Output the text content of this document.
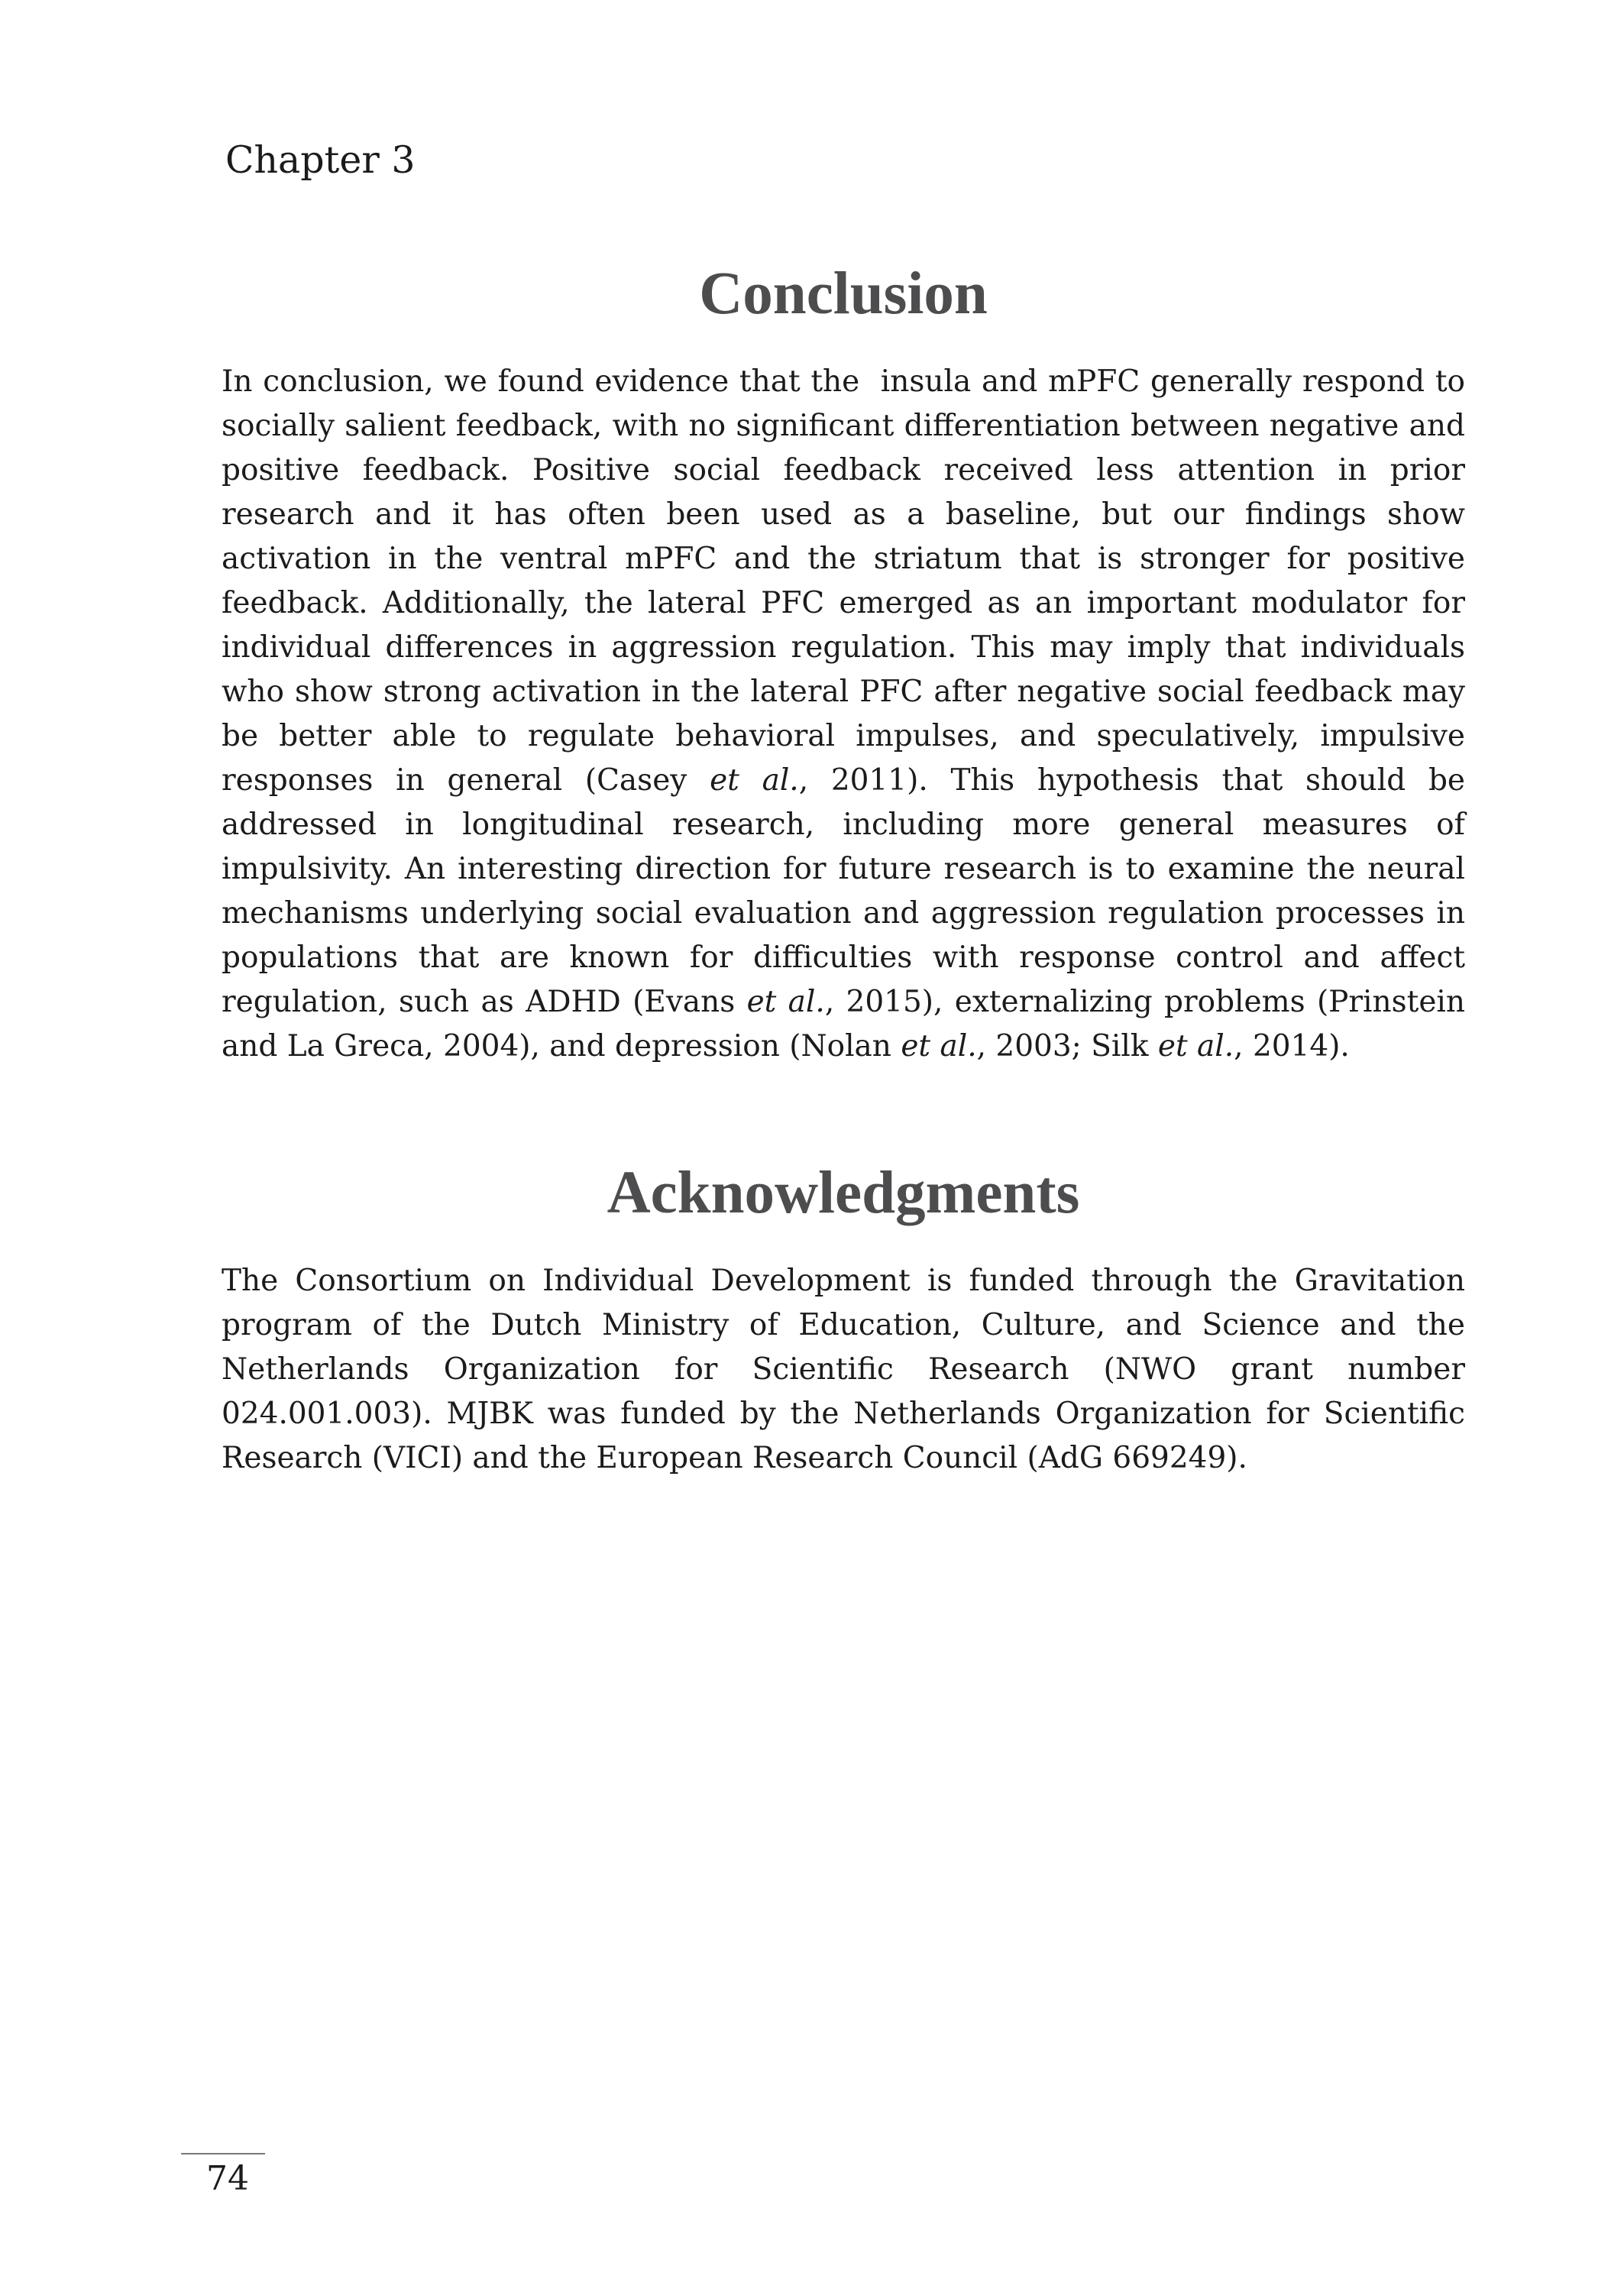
Chapter 3
Conclusion

In conclusion, we found evidence that the  insula and mPFC generally respond to socially salient feedback, with no significant differentiation between negative and positive feedback. Positive social feedback received less attention in prior research and it has often been used as a baseline, but our findings show activation in the ventral mPFC and the striatum that is stronger for positive feedback. Additionally, the lateral PFC emerged as an important modulator for individual differences in aggression regulation. This may imply that individuals who show strong activation in the lateral PFC after negative social feedback may be better able to regulate behavioral impulses, and speculatively, impulsive responses in general (Casey et al., 2011). This hypothesis that should be addressed in longitudinal research, including more general measures of impulsivity. An interesting direction for future research is to examine the neural mechanisms underlying social evaluation and aggression regulation processes in populations that are known for difficulties with response control and affect regulation, such as ADHD (Evans et al., 2015), externalizing problems (Prinstein and La Greca, 2004), and depression (Nolan et al., 2003; Silk et al., 2014).

Acknowledgments

The Consortium on Individual Development is funded through the Gravitation program of the Dutch Ministry of Education, Culture, and Science and the Netherlands Organization for Scientific Research (NWO grant number 024.001.003). MJBK was funded by the Netherlands Organization for Scientific Research (VICI) and the European Research Council (AdG 669249).

74
